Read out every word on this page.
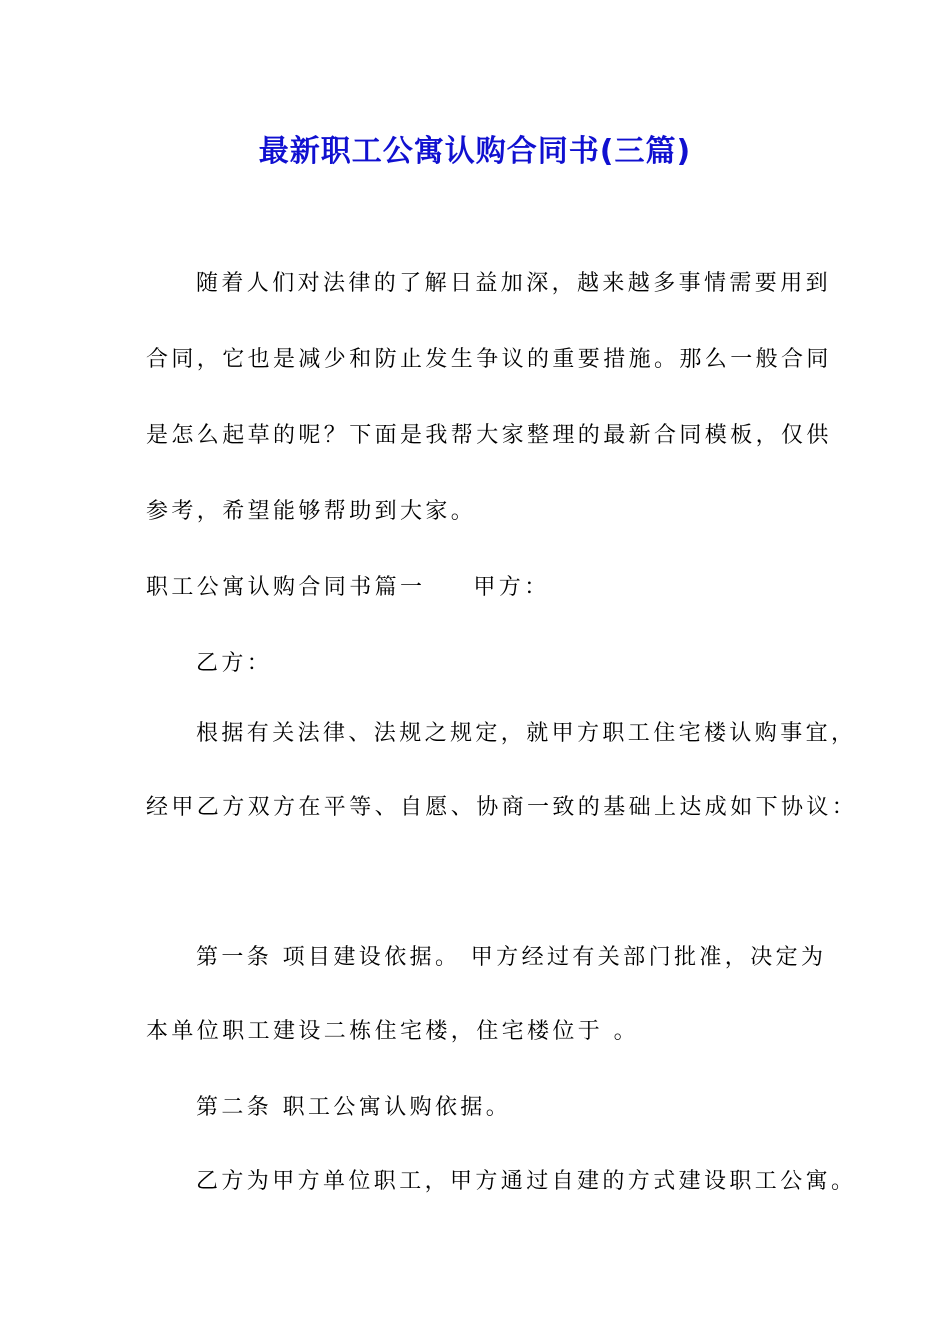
最新职工公寓认购合同书(三篇)
随着人们对法律的了解日益加深，越来越多事情需要用到
合同，它也是减少和防止发生争议的重要措施。那么一般合同
是怎么起草的呢？下面是我帮大家整理的最新合同模板，仅供
参考，希望能够帮助到大家。
职工公寓认购合同书篇一 甲方：
乙方：
根据有关法律、法规之规定，就甲方职工住宅楼认购事宜，
经甲乙方双方在平等、自愿、协商一致的基础上达成如下协议：
第一条 项目建设依据。 甲方经过有关部门批准，决定为
本单位职工建设二栋住宅楼，住宅楼位于 。
第二条 职工公寓认购依据。
乙方为甲方单位职工，甲方通过自建的方式建设职工公寓。
